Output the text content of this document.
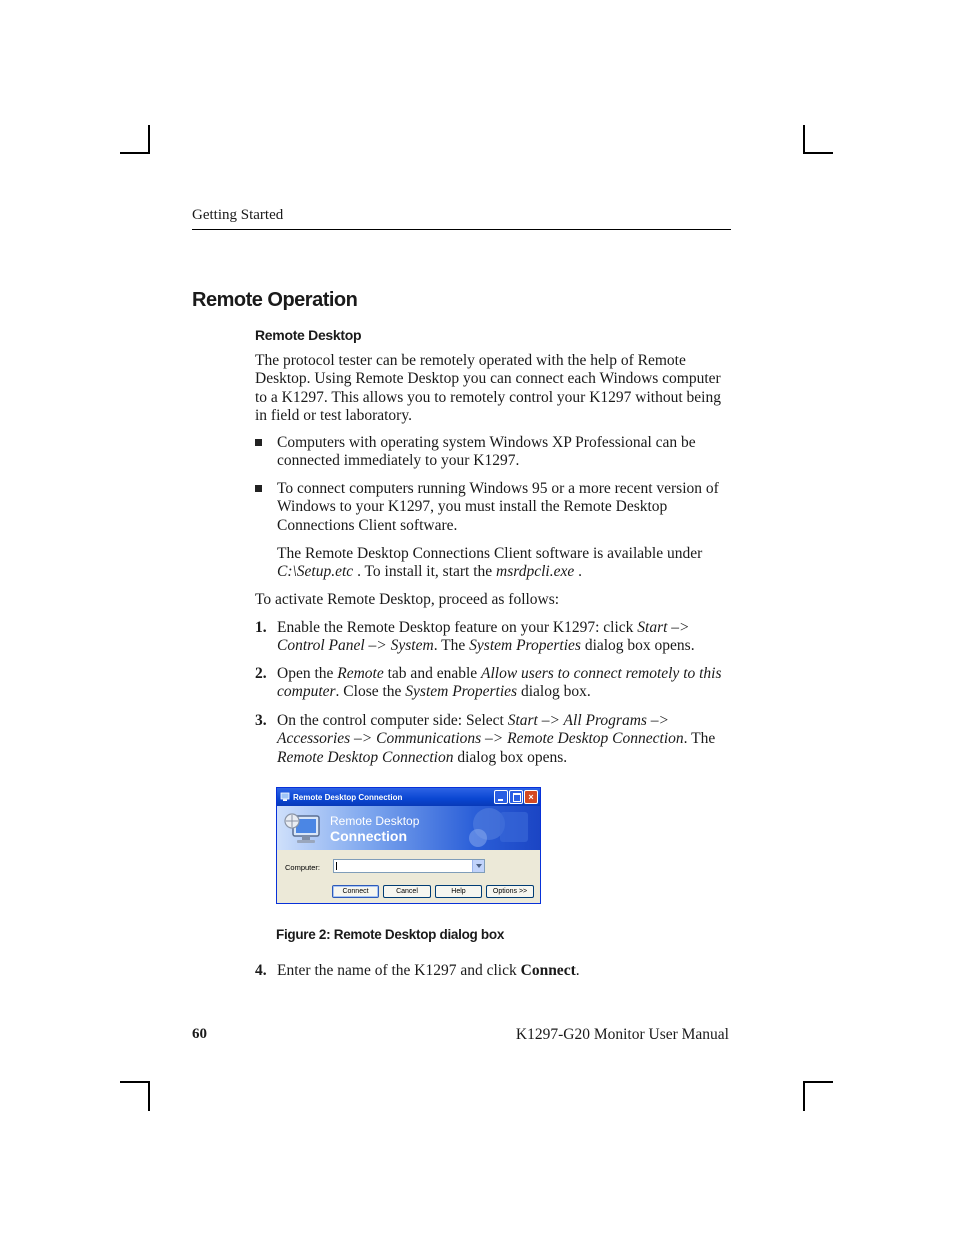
Getting Started
Remote Operation
Remote Desktop

The protocol tester can be remotely operated with the help of Remote Desktop. Using Remote Desktop you can connect each Windows computer to a K1297. This allows you to remotely control your K1297 without being in field or test laboratory.

Computers with operating system Windows XP Professional can be connected immediately to your K1297.
To connect computers running Windows 95 or a more recent version of Windows to your K1297, you must install the Remote Desktop Connections Client software.

The Remote Desktop Connections Client software is available under C:\Setup.etc . To install it, start the msrdpcli.exe .

To activate Remote Desktop, proceed as follows:

1. Enable the Remote Desktop feature on your K1297: click Start –> Control Panel –> System. The System Properties dialog box opens.
2. Open the Remote tab and enable Allow users to connect remotely to this computer. Close the System Properties dialog box.
3. On the control computer side: Select Start –> All Programs –> Accessories –> Communications –> Remote Desktop Connection. The Remote Desktop Connection dialog box opens.
Remote Desktop Connection	×
Remote Desktop
Connection
Computer:
Connect	Cancel	Help	Options >>
Figure 2: Remote Desktop dialog box
4. Enter the name of the K1297 and click Connect.
60	K1297-G20 Monitor User Manual
